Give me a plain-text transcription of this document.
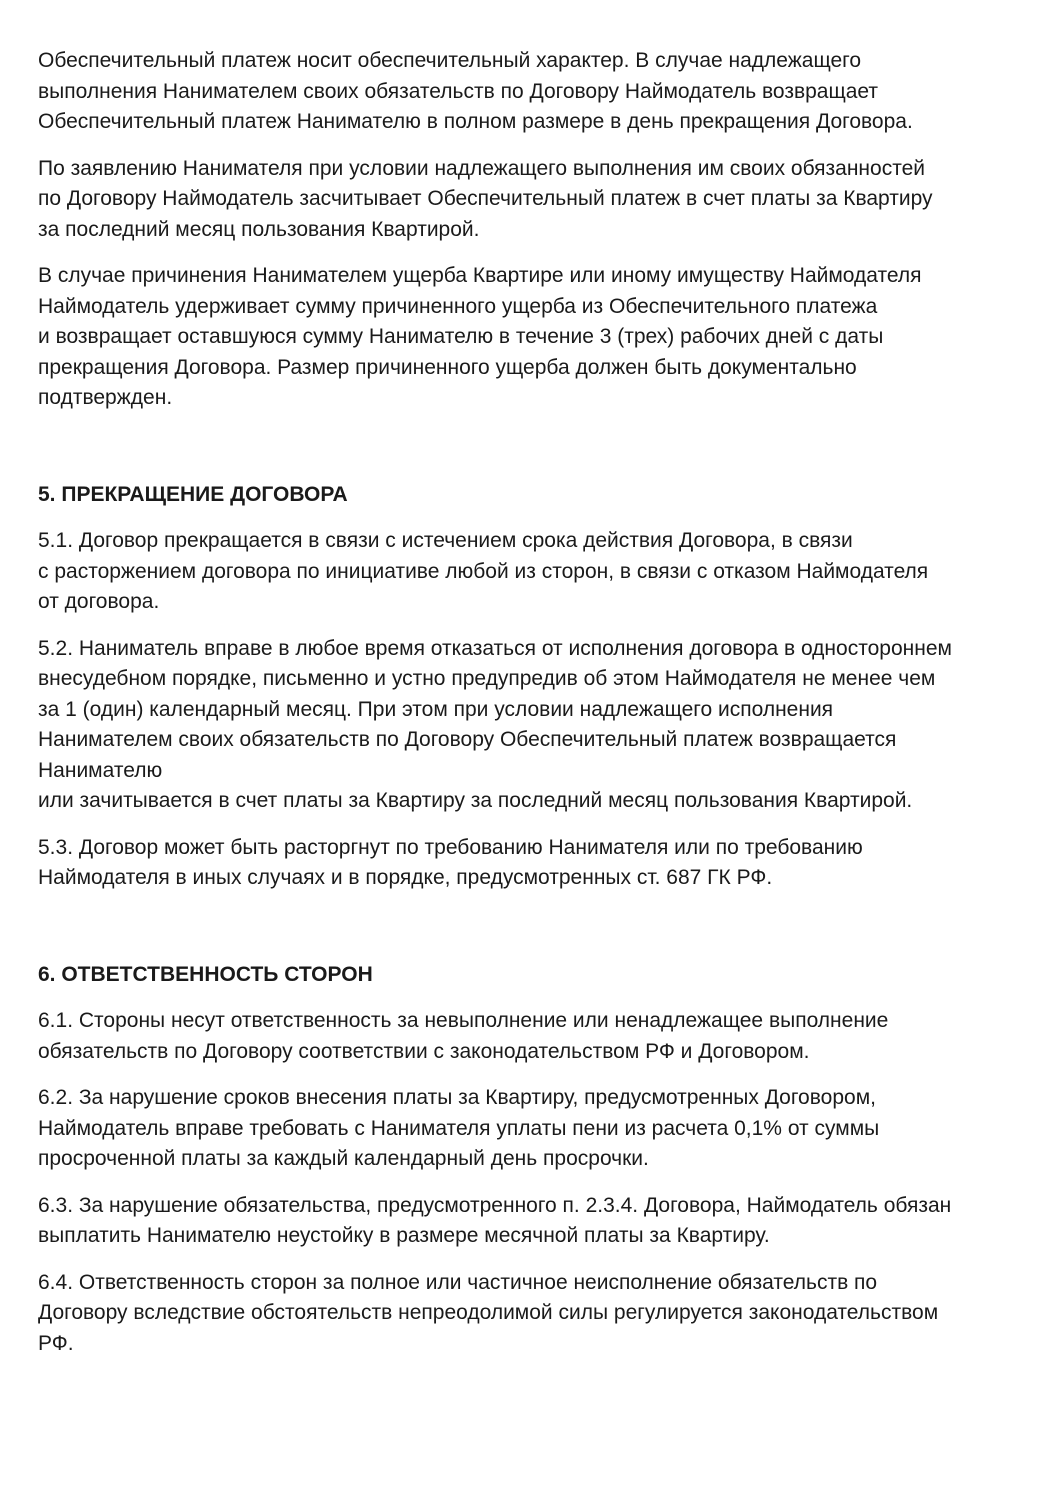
Обеспечительный платеж носит обеспечительный характер. В случае надлежащего
выполнения Нанимателем своих обязательств по Договору Наймодатель возвращает
Обеспечительный платеж Нанимателю в полном размере в день прекращения Договора.

По заявлению Нанимателя при условии надлежащего выполнения им своих обязанностей
по Договору Наймодатель засчитывает Обеспечительный платеж в счет платы за Квартиру
за последний месяц пользования Квартирой.

В случае причинения Нанимателем ущерба Квартире или иному имуществу Наймодателя
Наймодатель удерживает сумму причиненного ущерба из Обеспечительного платежа
и возвращает оставшуюся сумму Нанимателю в течение 3 (трех) рабочих дней с даты
прекращения Договора. Размер причиненного ущерба должен быть документально
подтвержден.

5. ПРЕКРАЩЕНИЕ ДОГОВОРА

5.1. Договор прекращается в связи с истечением срока действия Договора, в связи
с расторжением договора по инициативе любой из сторон, в связи с отказом Наймодателя
от договора.

5.2. Наниматель вправе в любое время отказаться от исполнения договора в одностороннем
внесудебном порядке, письменно и устно предупредив об этом Наймодателя не менее чем
за 1 (один) календарный месяц. При этом при условии надлежащего исполнения
Нанимателем своих обязательств по Договору Обеспечительный платеж возвращается
Нанимателю
или зачитывается в счет платы за Квартиру за последний месяц пользования Квартирой.

5.3. Договор может быть расторгнут по требованию Нанимателя или по требованию
Наймодателя в иных случаях и в порядке, предусмотренных ст. 687 ГК РФ.

6. ОТВЕТСТВЕННОСТЬ СТОРОН

6.1. Стороны несут ответственность за невыполнение или ненадлежащее выполнение
обязательств по Договору соответствии с законодательством РФ и Договором.

6.2. За нарушение сроков внесения платы за Квартиру, предусмотренных Договором,
Наймодатель вправе требовать с Нанимателя уплаты пени из расчета 0,1% от суммы
просроченной платы за каждый календарный день просрочки.

6.3. За нарушение обязательства, предусмотренного п. 2.3.4. Договора, Наймодатель обязан
выплатить Нанимателю неустойку в размере месячной платы за Квартиру.

6.4. Ответственность сторон за полное или частичное неисполнение обязательств по
Договору вследствие обстоятельств непреодолимой силы регулируется законодательством
РФ.
